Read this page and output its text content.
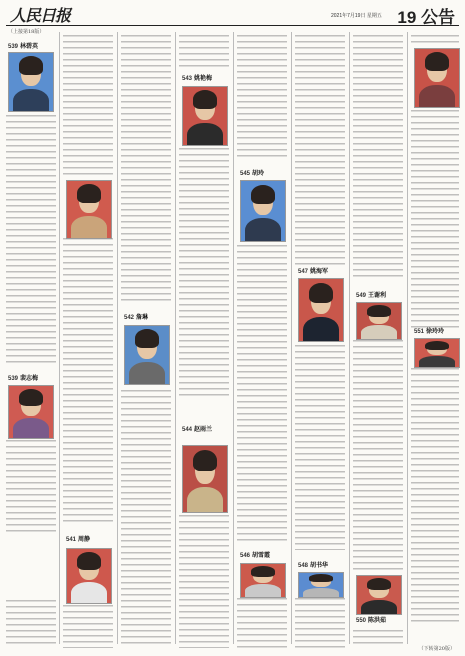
人民日报	2021年7月19日 星期五 19 公告
（上接第18版）
539 林碧英
539 裴志梅
541 周静
542 詹琳
543 姚艳梅
544 赵雨兰
545 胡玲
546 胡雪霞
547 姚海军
548 胡书华
549 王谢利
550 陈洪茹
551 徐玲玲
（下转第20版）
